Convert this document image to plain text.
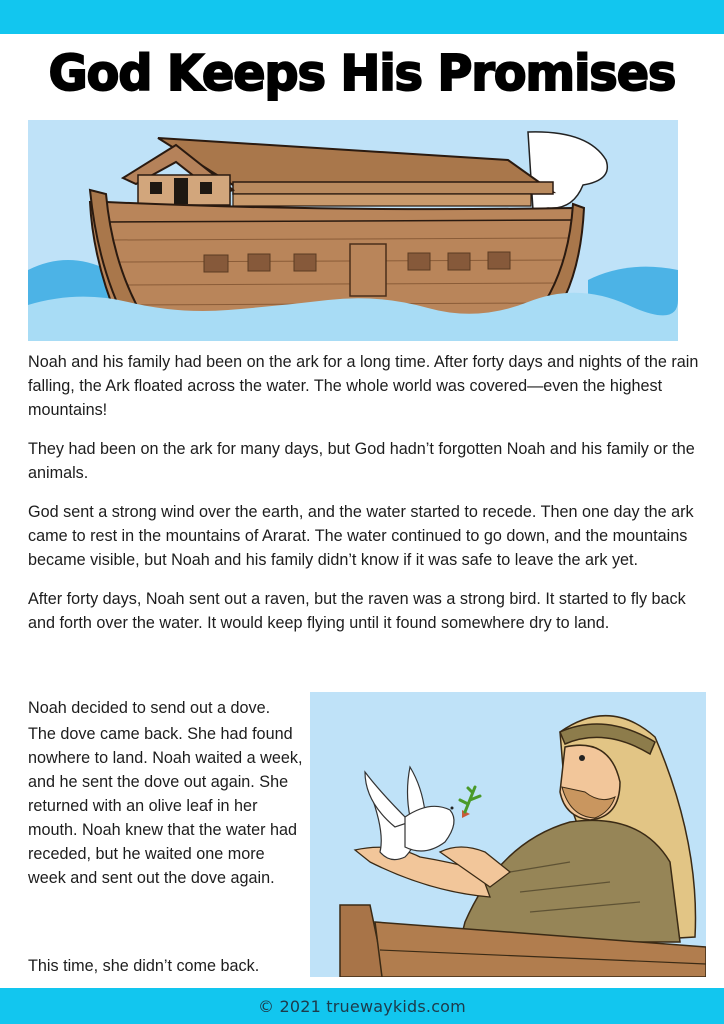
God Keeps His Promises

Noah and his family had been on the ark for a long time. After forty days and nights of the rain falling, the Ark floated across the water. The whole world was covered—even the highest mountains!

They had been on the ark for many days, but God hadn’t forgotten Noah and his family or the animals.

God sent a strong wind over the earth, and the water started to recede. Then one day the ark came to rest in the mountains of Ararat. The water continued to go down, and the mountains became visible, but Noah and his family didn’t know if it was safe to leave the ark yet.

After forty days, Noah sent out a raven, but the raven was a strong bird. It started to fly back and forth over the water. It would keep flying until it found somewhere dry to land.

Noah decided to send out a dove.

The dove came back. She had found nowhere to land. Noah waited a week, and he sent the dove out again. She returned with an olive leaf in her mouth. Noah knew that the water had receded, but he waited one more week and sent out the dove again.

This time, she didn’t come back.

© 2021 truewaykids.com
